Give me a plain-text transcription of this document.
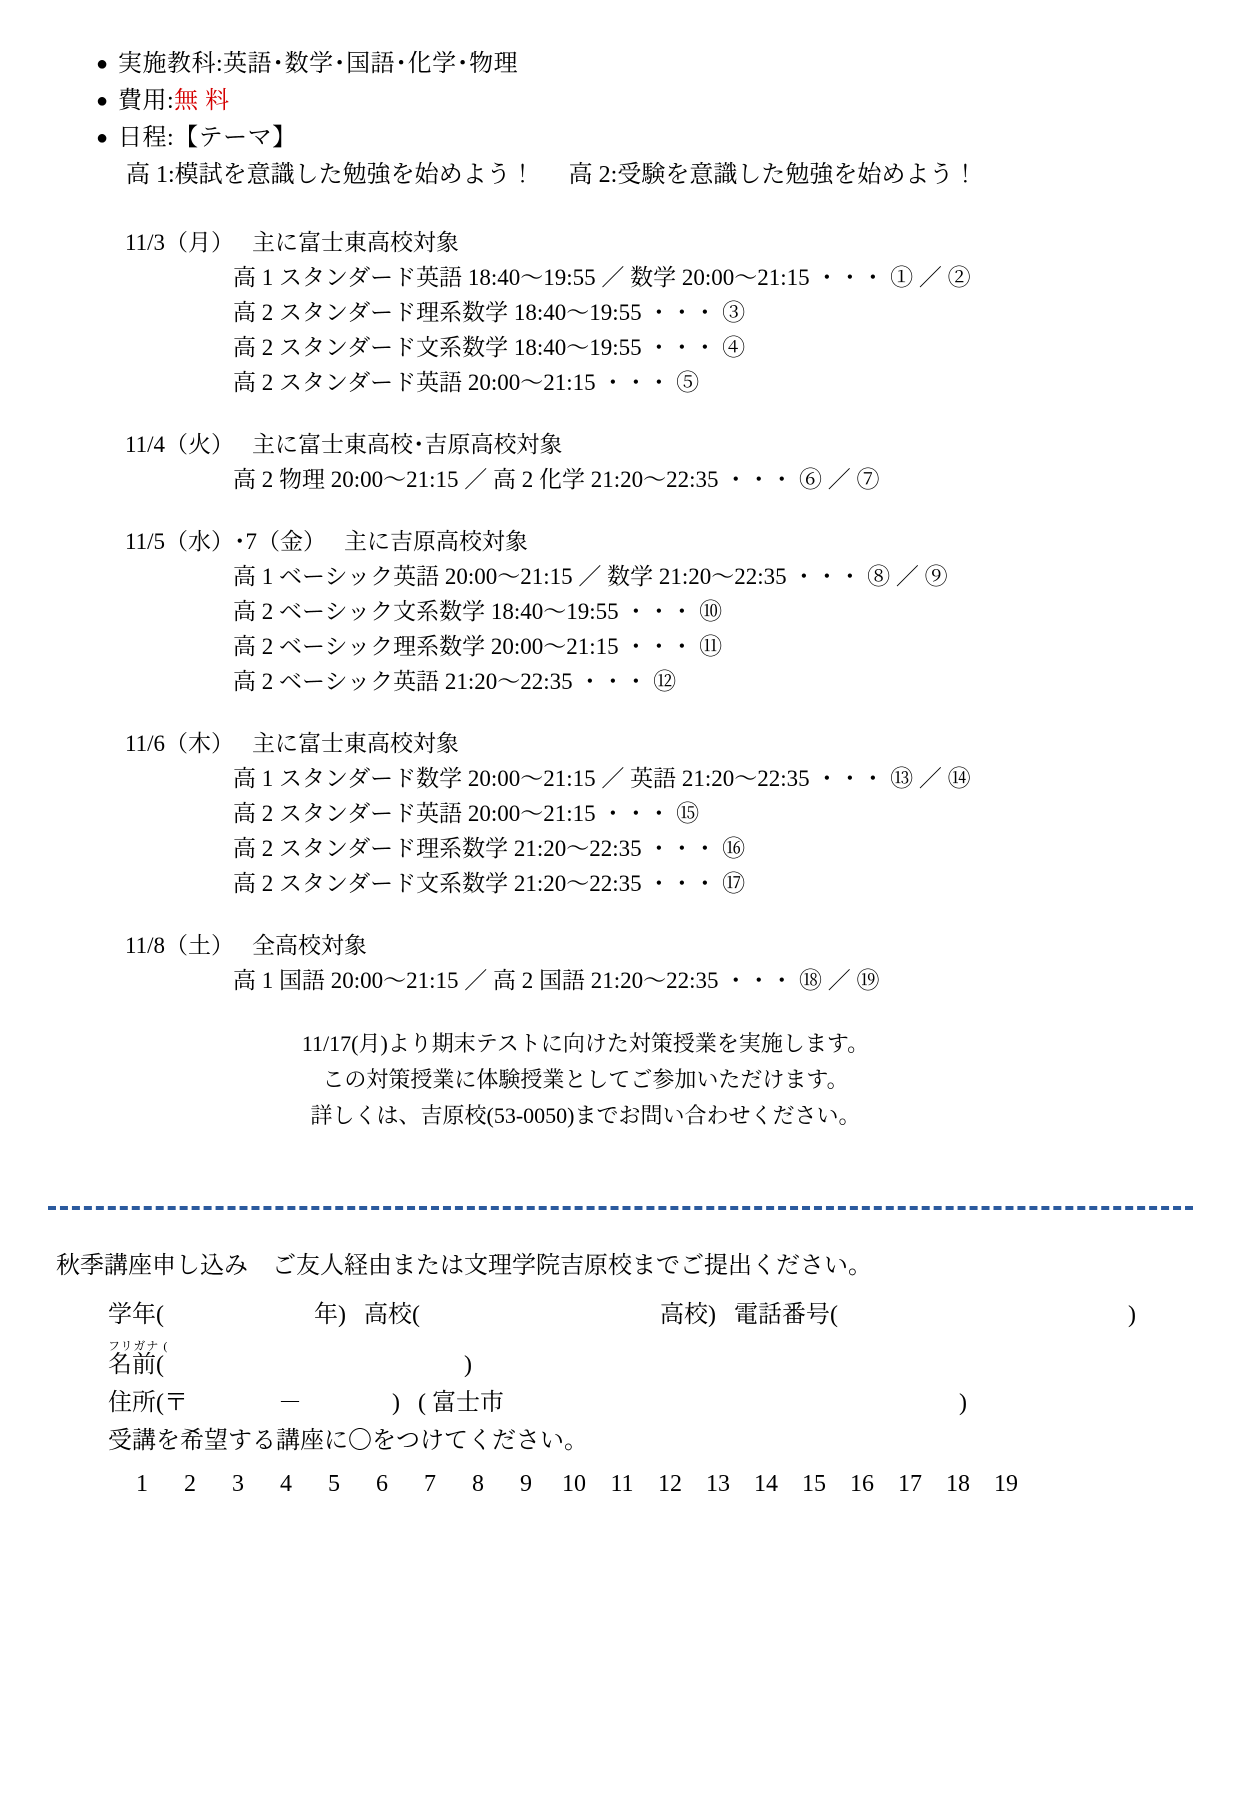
● 実施教科:英語･数学･国語･化学･物理
● 費用:無 料
● 日程:【テーマ】
高 1:模試を意識した勉強を始めよう！ 高 2:受験を意識した勉強を始めよう！
11/3（月） 主に富士東高校対象
高 1 スタンダード英語 18:40〜19:55 ／ 数学 20:00〜21:15 ・・・ ① ／ ②
高 2 スタンダード理系数学 18:40〜19:55 ・・・ ③
高 2 スタンダード文系数学 18:40〜19:55 ・・・ ④
高 2 スタンダード英語 20:00〜21:15 ・・・ ⑤
11/4（火） 主に富士東高校･吉原高校対象
高 2 物理 20:00〜21:15 ／ 高 2 化学 21:20〜22:35 ・・・ ⑥ ／ ⑦
11/5（水）･7（金） 主に吉原高校対象
高 1 ベーシック英語 20:00〜21:15 ／ 数学 21:20〜22:35 ・・・ ⑧ ／ ⑨
高 2 ベーシック文系数学 18:40〜19:55 ・・・ ⑩
高 2 ベーシック理系数学 20:00〜21:15 ・・・ ⑪
高 2 ベーシック英語 21:20〜22:35 ・・・ ⑫
11/6（木） 主に富士東高校対象
高 1 スタンダード数学 20:00〜21:15 ／ 英語 21:20〜22:35 ・・・ ⑬ ／ ⑭
高 2 スタンダード英語 20:00〜21:15 ・・・ ⑮
高 2 スタンダード理系数学 21:20〜22:35 ・・・ ⑯
高 2 スタンダード文系数学 21:20〜22:35 ・・・ ⑰
11/8（土） 全高校対象
高 1 国語 20:00〜21:15 ／ 高 2 国語 21:20〜22:35 ・・・ ⑱ ／ ⑲
11/17(月)より期末テストに向けた対策授業を実施します。
この対策授業に体験授業としてご参加いただけます。
詳しくは、吉原校(53-0050)までお問い合わせください。
秋季講座申し込み　ご友人経由または文理学院吉原校までご提出ください。
学年(	年) 高校(	高校) 電話番号(	)
フリガナ (
名前(	)
住所(〒	－	) ( 富士市	)
受講を希望する講座に〇をつけてください。
1 2 3 4 5 6 7 8 9 10 11 12 13 14 15 16 17 18 19
